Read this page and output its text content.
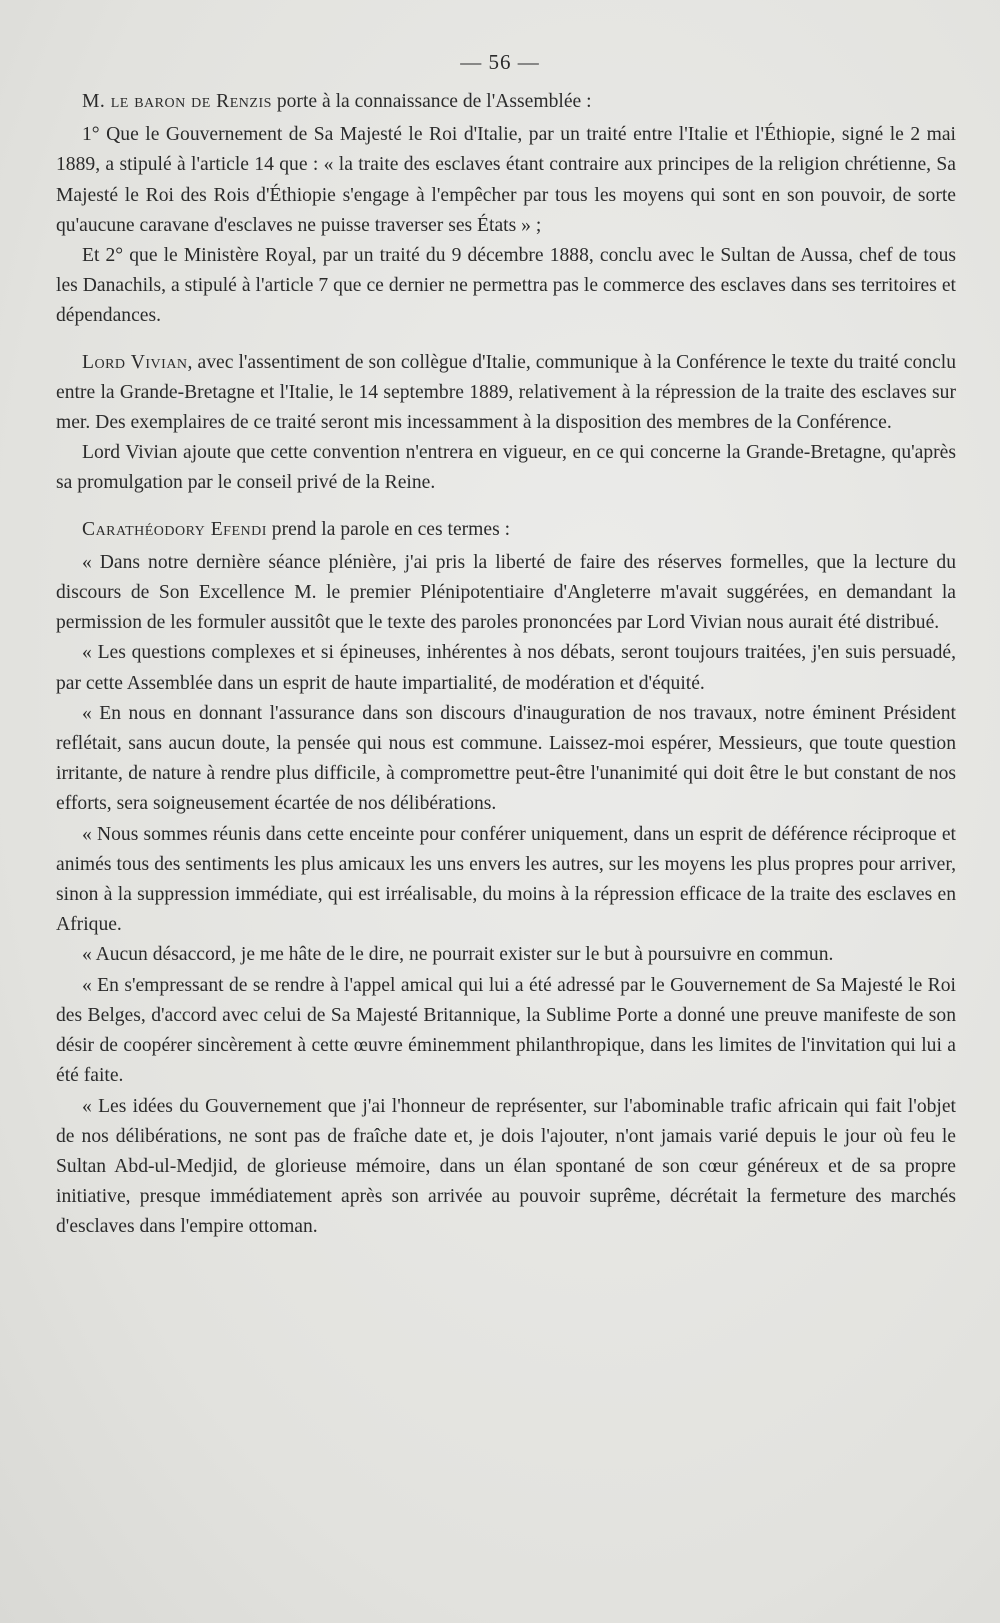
— 56 —

M. le baron de Renzis porte à la connaissance de l'Assemblée :

1° Que le Gouvernement de Sa Majesté le Roi d'Italie, par un traité entre l'Italie et l'Éthiopie, signé le 2 mai 1889, a stipulé à l'article 14 que : « la traite des esclaves étant contraire aux principes de la religion chrétienne, Sa Majesté le Roi des Rois d'Éthiopie s'engage à l'empêcher par tous les moyens qui sont en son pouvoir, de sorte qu'aucune caravane d'esclaves ne puisse traverser ses États » ;

Et 2° que le Ministère Royal, par un traité du 9 décembre 1888, conclu avec le Sultan de Aussa, chef de tous les Danachils, a stipulé à l'article 7 que ce dernier ne permettra pas le commerce des esclaves dans ses territoires et dépendances.

Lord Vivian, avec l'assentiment de son collègue d'Italie, communique à la Conférence le texte du traité conclu entre la Grande-Bretagne et l'Italie, le 14 septembre 1889, relativement à la répression de la traite des esclaves sur mer. Des exemplaires de ce traité seront mis incessamment à la disposition des membres de la Conférence.

Lord Vivian ajoute que cette convention n'entrera en vigueur, en ce qui concerne la Grande-Bretagne, qu'après sa promulgation par le conseil privé de la Reine.

Carathéodory Efendi prend la parole en ces termes :

« Dans notre dernière séance plénière, j'ai pris la liberté de faire des réserves formelles, que la lecture du discours de Son Excellence M. le premier Plénipotentiaire d'Angleterre m'avait suggérées, en demandant la permission de les formuler aussitôt que le texte des paroles prononcées par Lord Vivian nous aurait été distribué.

« Les questions complexes et si épineuses, inhérentes à nos débats, seront toujours traitées, j'en suis persuadé, par cette Assemblée dans un esprit de haute impartialité, de modération et d'équité.

« En nous en donnant l'assurance dans son discours d'inauguration de nos travaux, notre éminent Président reflétait, sans aucun doute, la pensée qui nous est commune. Laissez-moi espérer, Messieurs, que toute question irritante, de nature à rendre plus difficile, à compromettre peut-être l'unanimité qui doit être le but constant de nos efforts, sera soigneusement écartée de nos délibérations.

« Nous sommes réunis dans cette enceinte pour conférer uniquement, dans un esprit de déférence réciproque et animés tous des sentiments les plus amicaux les uns envers les autres, sur les moyens les plus propres pour arriver, sinon à la suppression immédiate, qui est irréalisable, du moins à la répression efficace de la traite des esclaves en Afrique.

« Aucun désaccord, je me hâte de le dire, ne pourrait exister sur le but à poursuivre en commun.

« En s'empressant de se rendre à l'appel amical qui lui a été adressé par le Gouvernement de Sa Majesté le Roi des Belges, d'accord avec celui de Sa Majesté Britannique, la Sublime Porte a donné une preuve manifeste de son désir de coopérer sincèrement à cette œuvre éminemment philanthropique, dans les limites de l'invitation qui lui a été faite.

« Les idées du Gouvernement que j'ai l'honneur de représenter, sur l'abominable trafic africain qui fait l'objet de nos délibérations, ne sont pas de fraîche date et, je dois l'ajouter, n'ont jamais varié depuis le jour où feu le Sultan Abd-ul-Medjid, de glorieuse mémoire, dans un élan spontané de son cœur généreux et de sa propre initiative, presque immédiatement après son arrivée au pouvoir suprême, décrétait la fermeture des marchés d'esclaves dans l'empire ottoman.
